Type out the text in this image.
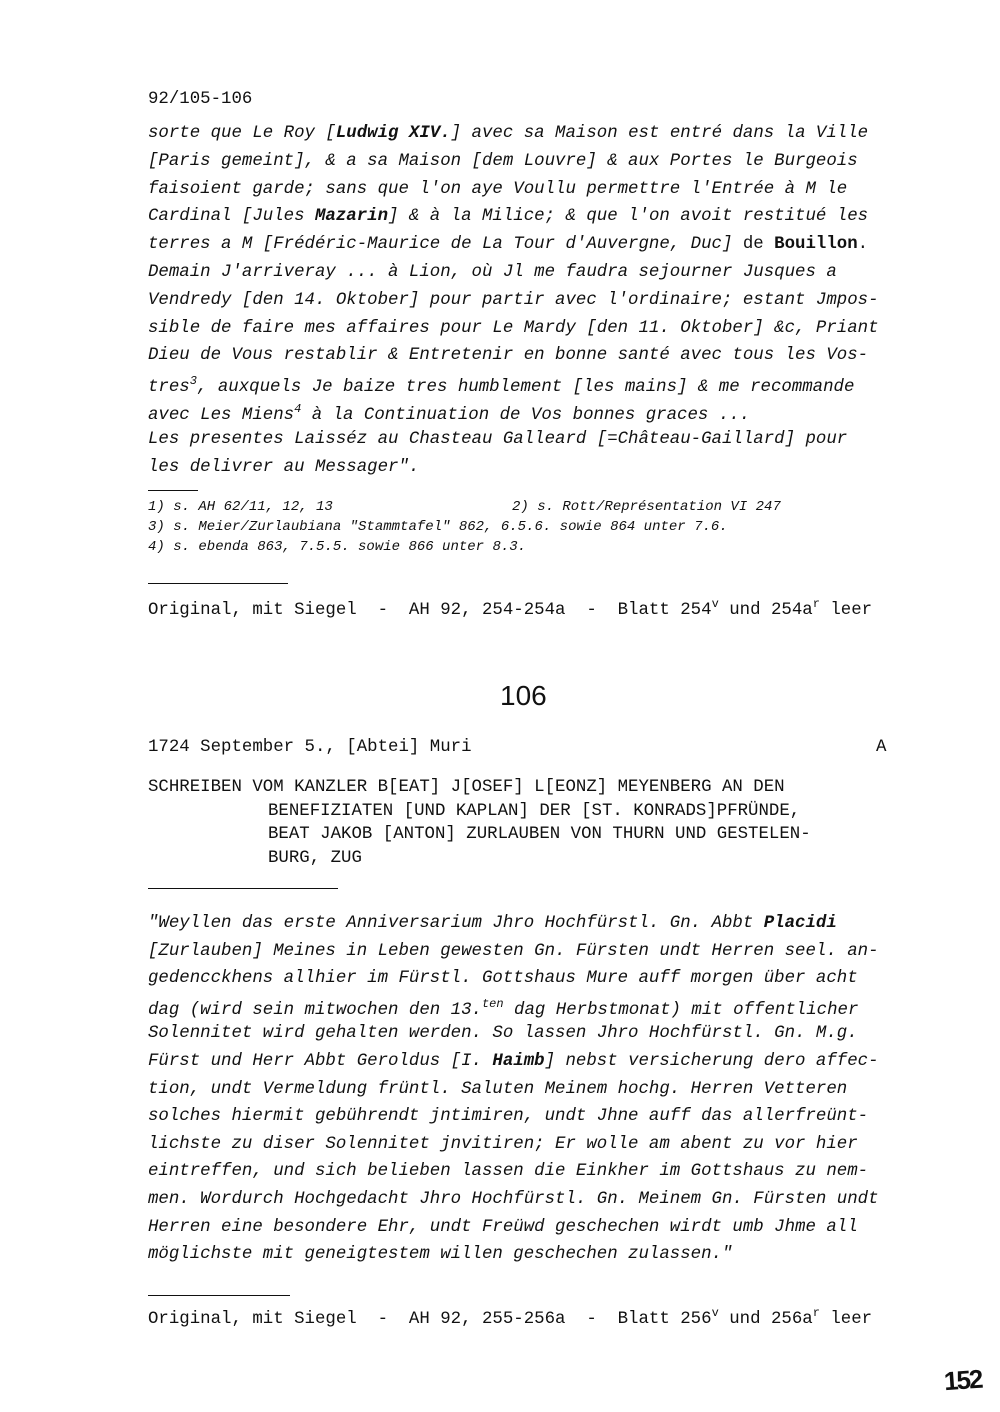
92/105-106
sorte que Le Roy [Ludwig XIV.] avec sa Maison est entré dans la Ville
[Paris gemeint], & a sa Maison [dem Louvre] & aux Portes le Burgeois
faisoient garde; sans que l'on aye Voullu permettre l'Entrée à M le
Cardinal [Jules Mazarin] & à la Milice; & que l'on avoit restitué les
terres a M [Frédéric-Maurice de La Tour d'Auvergne, Duc] de Bouillon.
Demain J'arriveray ... à Lion, où Jl me faudra sejourner Jusques a
Vendredy [den 14. Oktober] pour partir avec l'ordinaire; estant Jmpos-
sible de faire mes affaires pour Le Mardy [den 11. Oktober] &c, Priant
Dieu de Vous restablir & Entretenir en bonne santé avec tous les Vos-
tres$^3$, auxquels Je baize tres humblement [les mains] & me recommande
avec Les Miens$^4$ à la Continuation de Vos bonnes graces ...
Les presentes Laisséz au Chasteau Galleard [=Château-Gaillard] pour
les delivrer au Messager".
1) s. AH 62/11, 12, 13	2) s. Rott/Représentation VI 247
3) s. Meier/Zurlaubiana "Stammtafel" 862, 6.5.6. sowie 864 unter 7.6.
4) s. ebenda 863, 7.5.5. sowie 866 unter 8.3.
Original, mit Siegel  -  AH 92, 254-254a  -  Blatt 254$^v$ und $254a^r$ leer
106
1724 September 5., [Abtei] Muri	A
SCHREIBEN VOM KANZLER B[EAT] J[OSEF] L[EONZ] MEYENBERG AN DEN
BENEFIZIATEN [UND KAPLAN] DER [ST. KONRADS]PFRÜNDE,
BEAT JAKOB [ANTON] ZURLAUBEN VON THURN UND GESTELEN-
BURG, ZUG
"Weyllen das erste Anniversarium Jhro Hochfürstl. Gn. Abbt Placidi
[Zurlauben] Meines in Leben gewesten Gn. Fürsten undt Herren seel. an-
gedencckhens allhier im Fürstl. Gottshaus Mure auff morgen über acht
dag (wird sein mitwochen den 13.$^{ten}$ dag Herbstmonat) mit offentlicher
Solennitet wird gehalten werden. So lassen Jhro Hochfürstl. Gn. M.g.
Fürst und Herr Abbt Geroldus [I. Haimb] nebst versicherung dero affec-
tion, undt Vermeldung früntl. Saluten Meinem hochg. Herren Vetteren
solches hiermit gebührendt jntimiren, undt Jhne auff das allerfreünt-
lichste zu diser Solennitet jnvitiren; Er wolle am abent zu vor hier
eintreffen, und sich belieben lassen die Einkher im Gottshaus zu nem-
men. Wordurch Hochgedacht Jhro Hochfürstl. Gn. Meinem Gn. Fürsten undt
Herren eine besondere Ehr, undt Freüwd geschechen wirdt umb Jhme all
möglichste mit geneigtestem willen geschechen zulassen."
Original, mit Siegel  -  AH 92, 255-256a  -  Blatt 256$^v$ und $256a^r$ leer
152
